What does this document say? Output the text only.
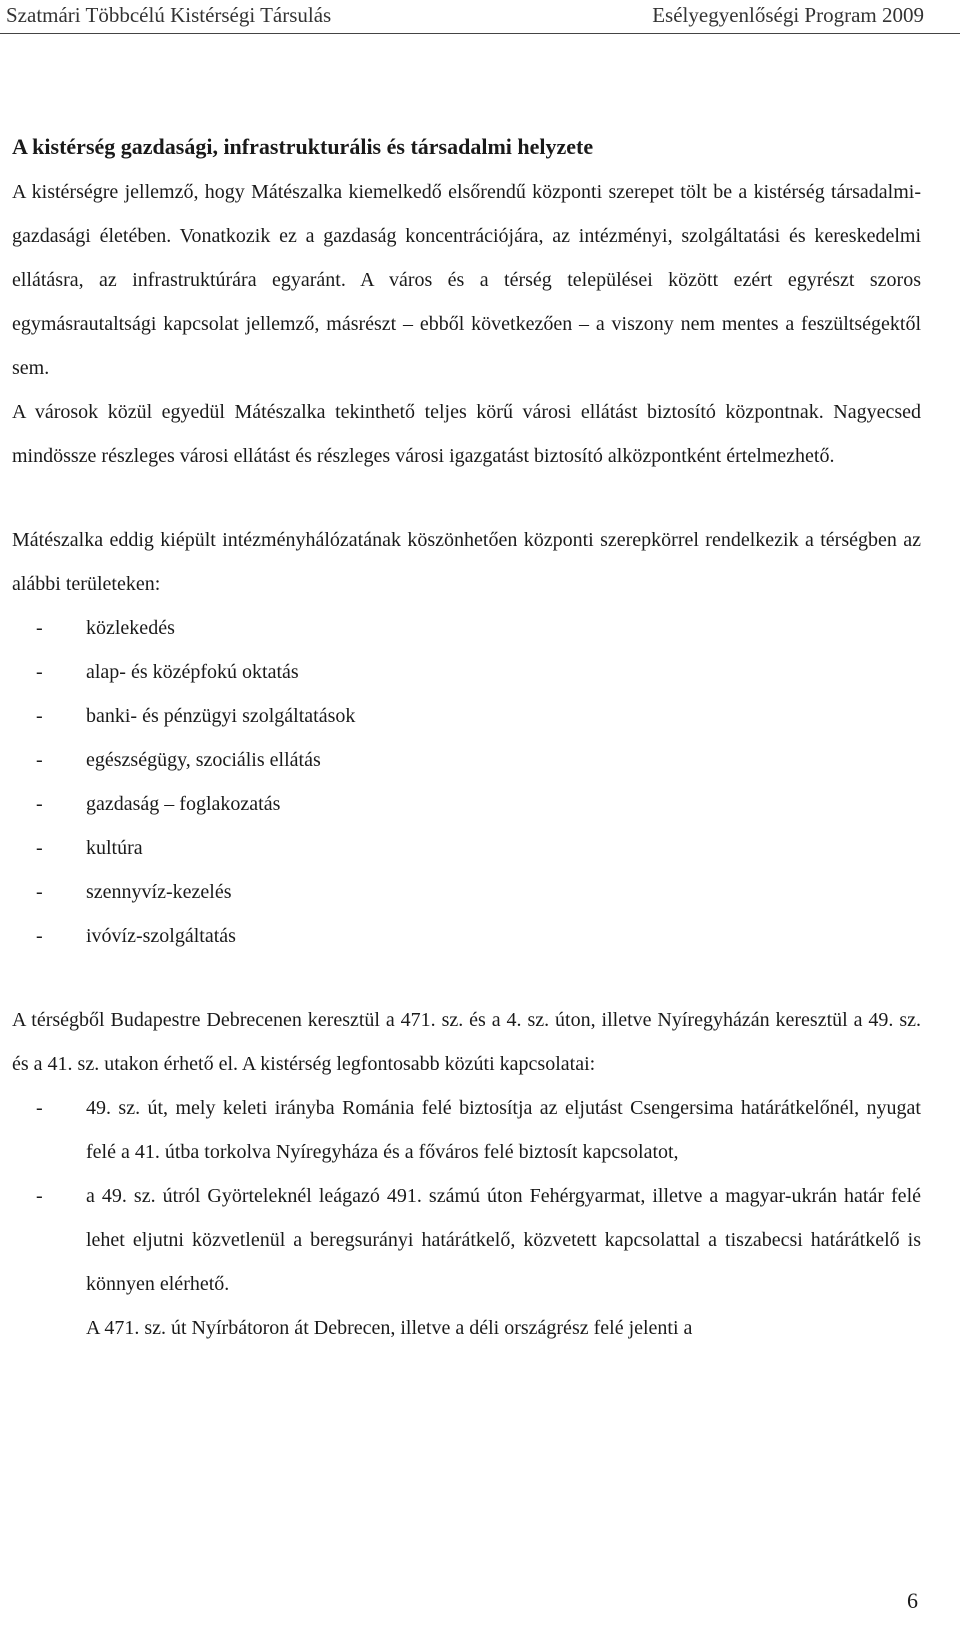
Szatmári Többcélú Kistérségi Társulás	Esélyegyenlőségi Program 2009
A kistérség gazdasági, infrastrukturális és társadalmi helyzete

A kistérségre jellemző, hogy Mátészalka kiemelkedő elsőrendű központi szerepet tölt be a kistérség társadalmi-gazdasági életében. Vonatkozik ez a gazdaság koncentrációjára, az intézményi, szolgáltatási és kereskedelmi ellátásra, az infrastruktúrára egyaránt. A város és a térség települései között ezért egyrészt szoros egymásrautaltsági kapcsolat jellemző, másrészt – ebből következően – a viszony nem mentes a feszültségektől sem.

A városok közül egyedül Mátészalka tekinthető teljes körű városi ellátást biztosító központnak. Nagyecsed mindössze részleges városi ellátást és részleges városi igazgatást biztosító alközpontként értelmezhető.

Mátészalka eddig kiépült intézményhálózatának köszönhetően központi szerepkörrel rendelkezik a térségben az alábbi területeken:

- közlekedés
- alap- és középfokú oktatás
- banki- és pénzügyi szolgáltatások
- egészségügy, szociális ellátás
- gazdaság – foglakozatás
- kultúra
- szennyvíz-kezelés
- ivóvíz-szolgáltatás

A térségből Budapestre Debrecenen keresztül a 471. sz. és a 4. sz. úton, illetve Nyíregyházán keresztül a 49. sz. és a 41. sz. utakon érhető el. A kistérség legfontosabb közúti kapcsolatai:

- 49. sz. út, mely keleti irányba Románia felé biztosítja az eljutást Csengersima határátkelőnél, nyugat felé a 41. útba torkolva Nyíregyháza és a főváros felé biztosít kapcsolatot,
- a 49. sz. útról Györteleknél leágazó 491. számú úton Fehérgyarmat, illetve a magyar-ukrán határ felé lehet eljutni közvetlenül a beregsurányi határátkelő, közvetett kapcsolattal a tiszabecsi határátkelő is könnyen elérhető.

A 471. sz. út Nyírbátoron át Debrecen, illetve a déli országrész felé jelenti a

6
